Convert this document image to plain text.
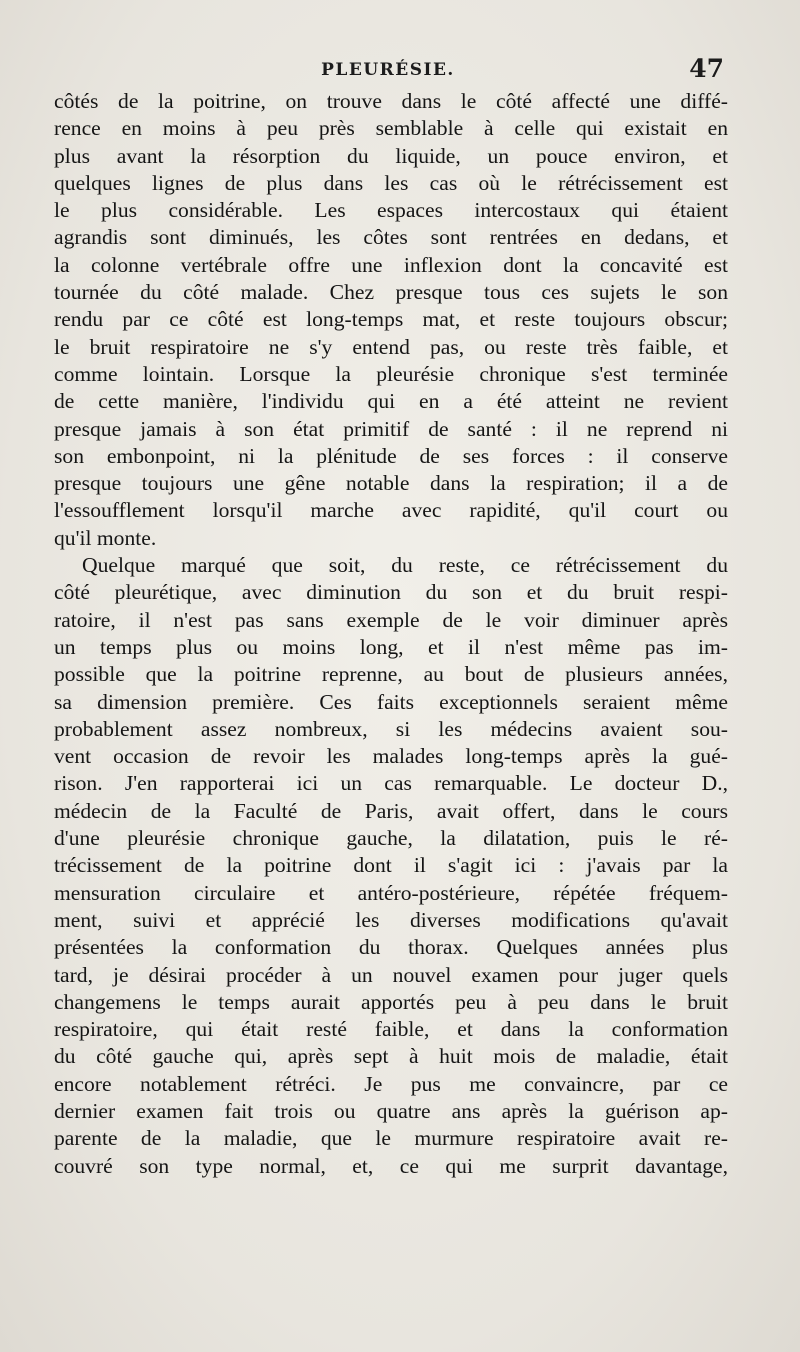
PLEURÉSIE.	47
côtés de la poitrine, on trouve dans le côté affecté une diffé-
rence en moins à peu près semblable à celle qui existait en
plus avant la résorption du liquide, un pouce environ, et
quelques lignes de plus dans les cas où le rétrécissement est
le plus considérable. Les espaces intercostaux qui étaient
agrandis sont diminués, les côtes sont rentrées en dedans, et
la colonne vertébrale offre une inflexion dont la concavité est
tournée du côté malade. Chez presque tous ces sujets le son
rendu par ce côté est long-temps mat, et reste toujours obscur;
le bruit respiratoire ne s'y entend pas, ou reste très faible, et
comme lointain. Lorsque la pleurésie chronique s'est terminée
de cette manière, l'individu qui en a été atteint ne revient
presque jamais à son état primitif de santé : il ne reprend ni
son embonpoint, ni la plénitude de ses forces : il conserve
presque toujours une gêne notable dans la respiration; il a de
l'essoufflement lorsqu'il marche avec rapidité, qu'il court ou
qu'il monte.
Quelque marqué que soit, du reste, ce rétrécissement du
côté pleurétique, avec diminution du son et du bruit respi-
ratoire, il n'est pas sans exemple de le voir diminuer après
un temps plus ou moins long, et il n'est même pas im-
possible que la poitrine reprenne, au bout de plusieurs années,
sa dimension première. Ces faits exceptionnels seraient même
probablement assez nombreux, si les médecins avaient sou-
vent occasion de revoir les malades long-temps après la gué-
rison. J'en rapporterai ici un cas remarquable. Le docteur D.,
médecin de la Faculté de Paris, avait offert, dans le cours
d'une pleurésie chronique gauche, la dilatation, puis le ré-
trécissement de la poitrine dont il s'agit ici : j'avais par la
mensuration circulaire et antéro-postérieure, répétée fréquem-
ment, suivi et apprécié les diverses modifications qu'avait
présentées la conformation du thorax. Quelques années plus
tard, je désirai procéder à un nouvel examen pour juger quels
changemens le temps aurait apportés peu à peu dans le bruit
respiratoire, qui était resté faible, et dans la conformation
du côté gauche qui, après sept à huit mois de maladie, était
encore notablement rétréci. Je pus me convaincre, par ce
dernier examen fait trois ou quatre ans après la guérison ap-
parente de la maladie, que le murmure respiratoire avait re-
couvré son type normal, et, ce qui me surprit davantage,
